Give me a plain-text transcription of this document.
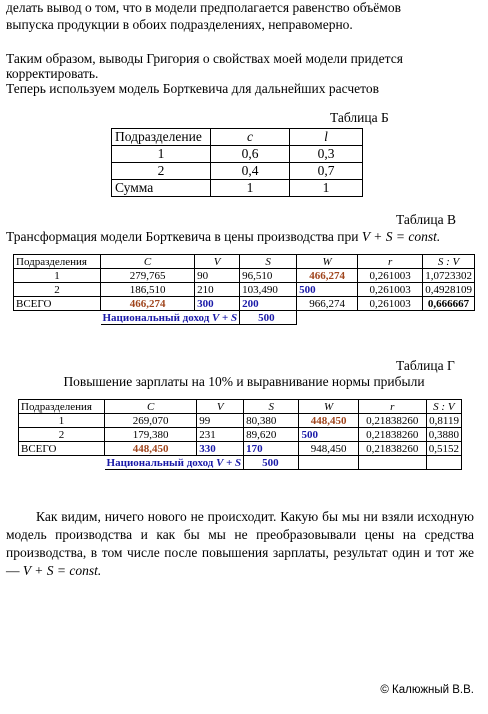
делать вывод о том, что в модели предполагается равенство объёмов
выпуска продукции в обоих подразделениях, неправомерно.
Таким образом, выводы Григория о свойствах моей модели придется
корректировать.
Теперь используем модель Борткевича для дальнейших расчетов
Таблица Б
Подразделение	c	l
1	0,6	0,3
2	0,4	0,7
Сумма	1	1
Таблица В
Трансформация модели Борткевича в цены производства при V + S = const.
Подразделения	C	V	S	W	r	S : V
1	279,765	90	96,510	466,274	0,261003	1,0723302
2	186,510	210	103,490	500	0,261003	0,4928109
ВСЕГО	466,274	300	200	966,274	0,261003	0,666667
	Национальный доход V + S		500			
Таблица Г
Повышение зарплаты на 10% и выравнивание нормы прибыли
Подразделения	C	V	S	W	r	S : V
1	269,070	99	80,380	448,450	0,21838260	0,8119
2	179,380	231	89,620	500	0,21838260	0,3880
ВСЕГО	448,450	330	170	948,450	0,21838260	0,5152
	Национальный доход V + S		500			
Как видим, ничего нового не происходит. Какую бы мы ни взяли исходную модель производства и как бы мы не преобразовывали цены на средства производства, в том числе после повышения зарплаты, результат один и тот же — V + S = const.
© Калюжный В.В.
